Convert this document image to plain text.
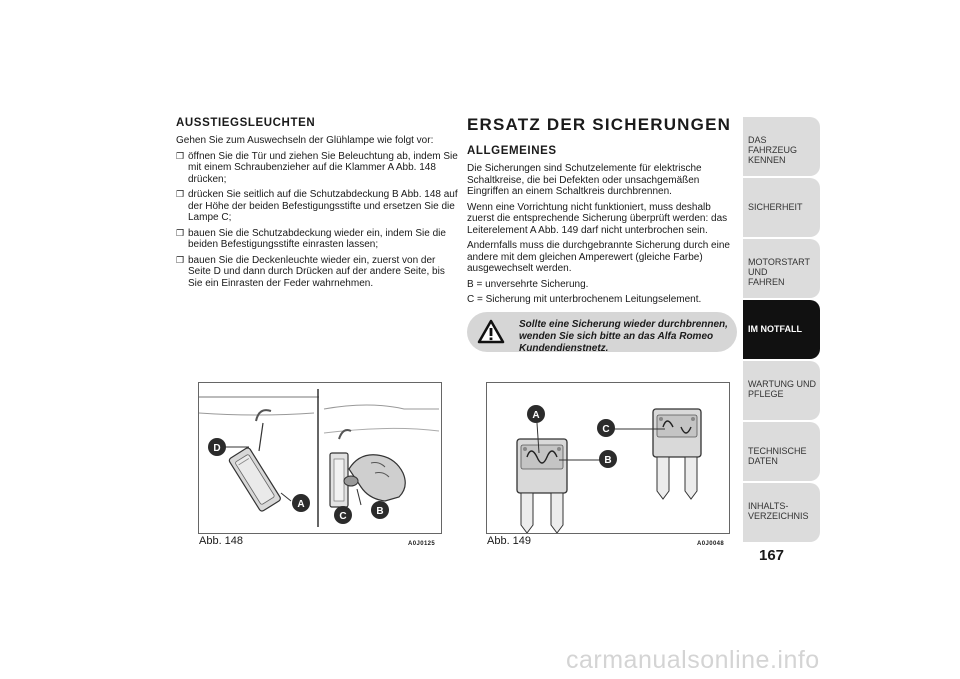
AUSSTIEGSLEUCHTEN

Gehen Sie zum Auswechseln der Glühlampe wie folgt vor:

❒ öffnen Sie die Tür und ziehen Sie Beleuchtung ab, indem Sie mit einem Schraubenzieher auf die Klammer A Abb. 148 drücken;
❒ drücken Sie seitlich auf die Schutzabdeckung B Abb. 148 auf der Höhe der beiden Befestigungsstifte und ersetzen Sie die Lampe C;
❒ bauen Sie die Schutzabdeckung wieder ein, indem Sie die beiden Befestigungsstifte einrasten lassen;
❒ bauen Sie die Deckenleuchte wieder ein, zuerst von der Seite D und dann durch Drücken auf der andere Seite, bis Sie ein Einrasten der Feder wahrnehmen.
ERSATZ DER SICHERUNGEN
ALLGEMEINES

Die Sicherungen sind Schutzelemente für elektrische Schaltkreise, die bei Defekten oder unsachgemäßen Eingriffen an einem Schaltkreis durchbrennen.

Wenn eine Vorrichtung nicht funktioniert, muss deshalb zuerst die entsprechende Sicherung überprüft werden: das Leiterelement A Abb. 149 darf nicht unterbrochen sein.

Andernfalls muss die durchgebrannte Sicherung durch eine andere mit dem gleichen Amperewert (gleiche Farbe) ausgewechselt werden.

B = unversehrte Sicherung.

C = Sicherung mit unterbrochenem Leitungselement.

Sollte eine Sicherung wieder durchbrennen, wenden Sie sich bitte an das Alfa Romeo Kundendienstnetz.
D
A
C	B
Abb. 148	A0J0125
A
C
B
Abb. 149	A0J0048
DAS FAHRZEUG
KENNEN
SICHERHEIT
MOTORSTART UND
FAHREN
IM NOTFALL
WARTUNG UND
PFLEGE
TECHNISCHE DATEN
INHALTS-
VERZEICHNIS
167
carmanualsonline.info
